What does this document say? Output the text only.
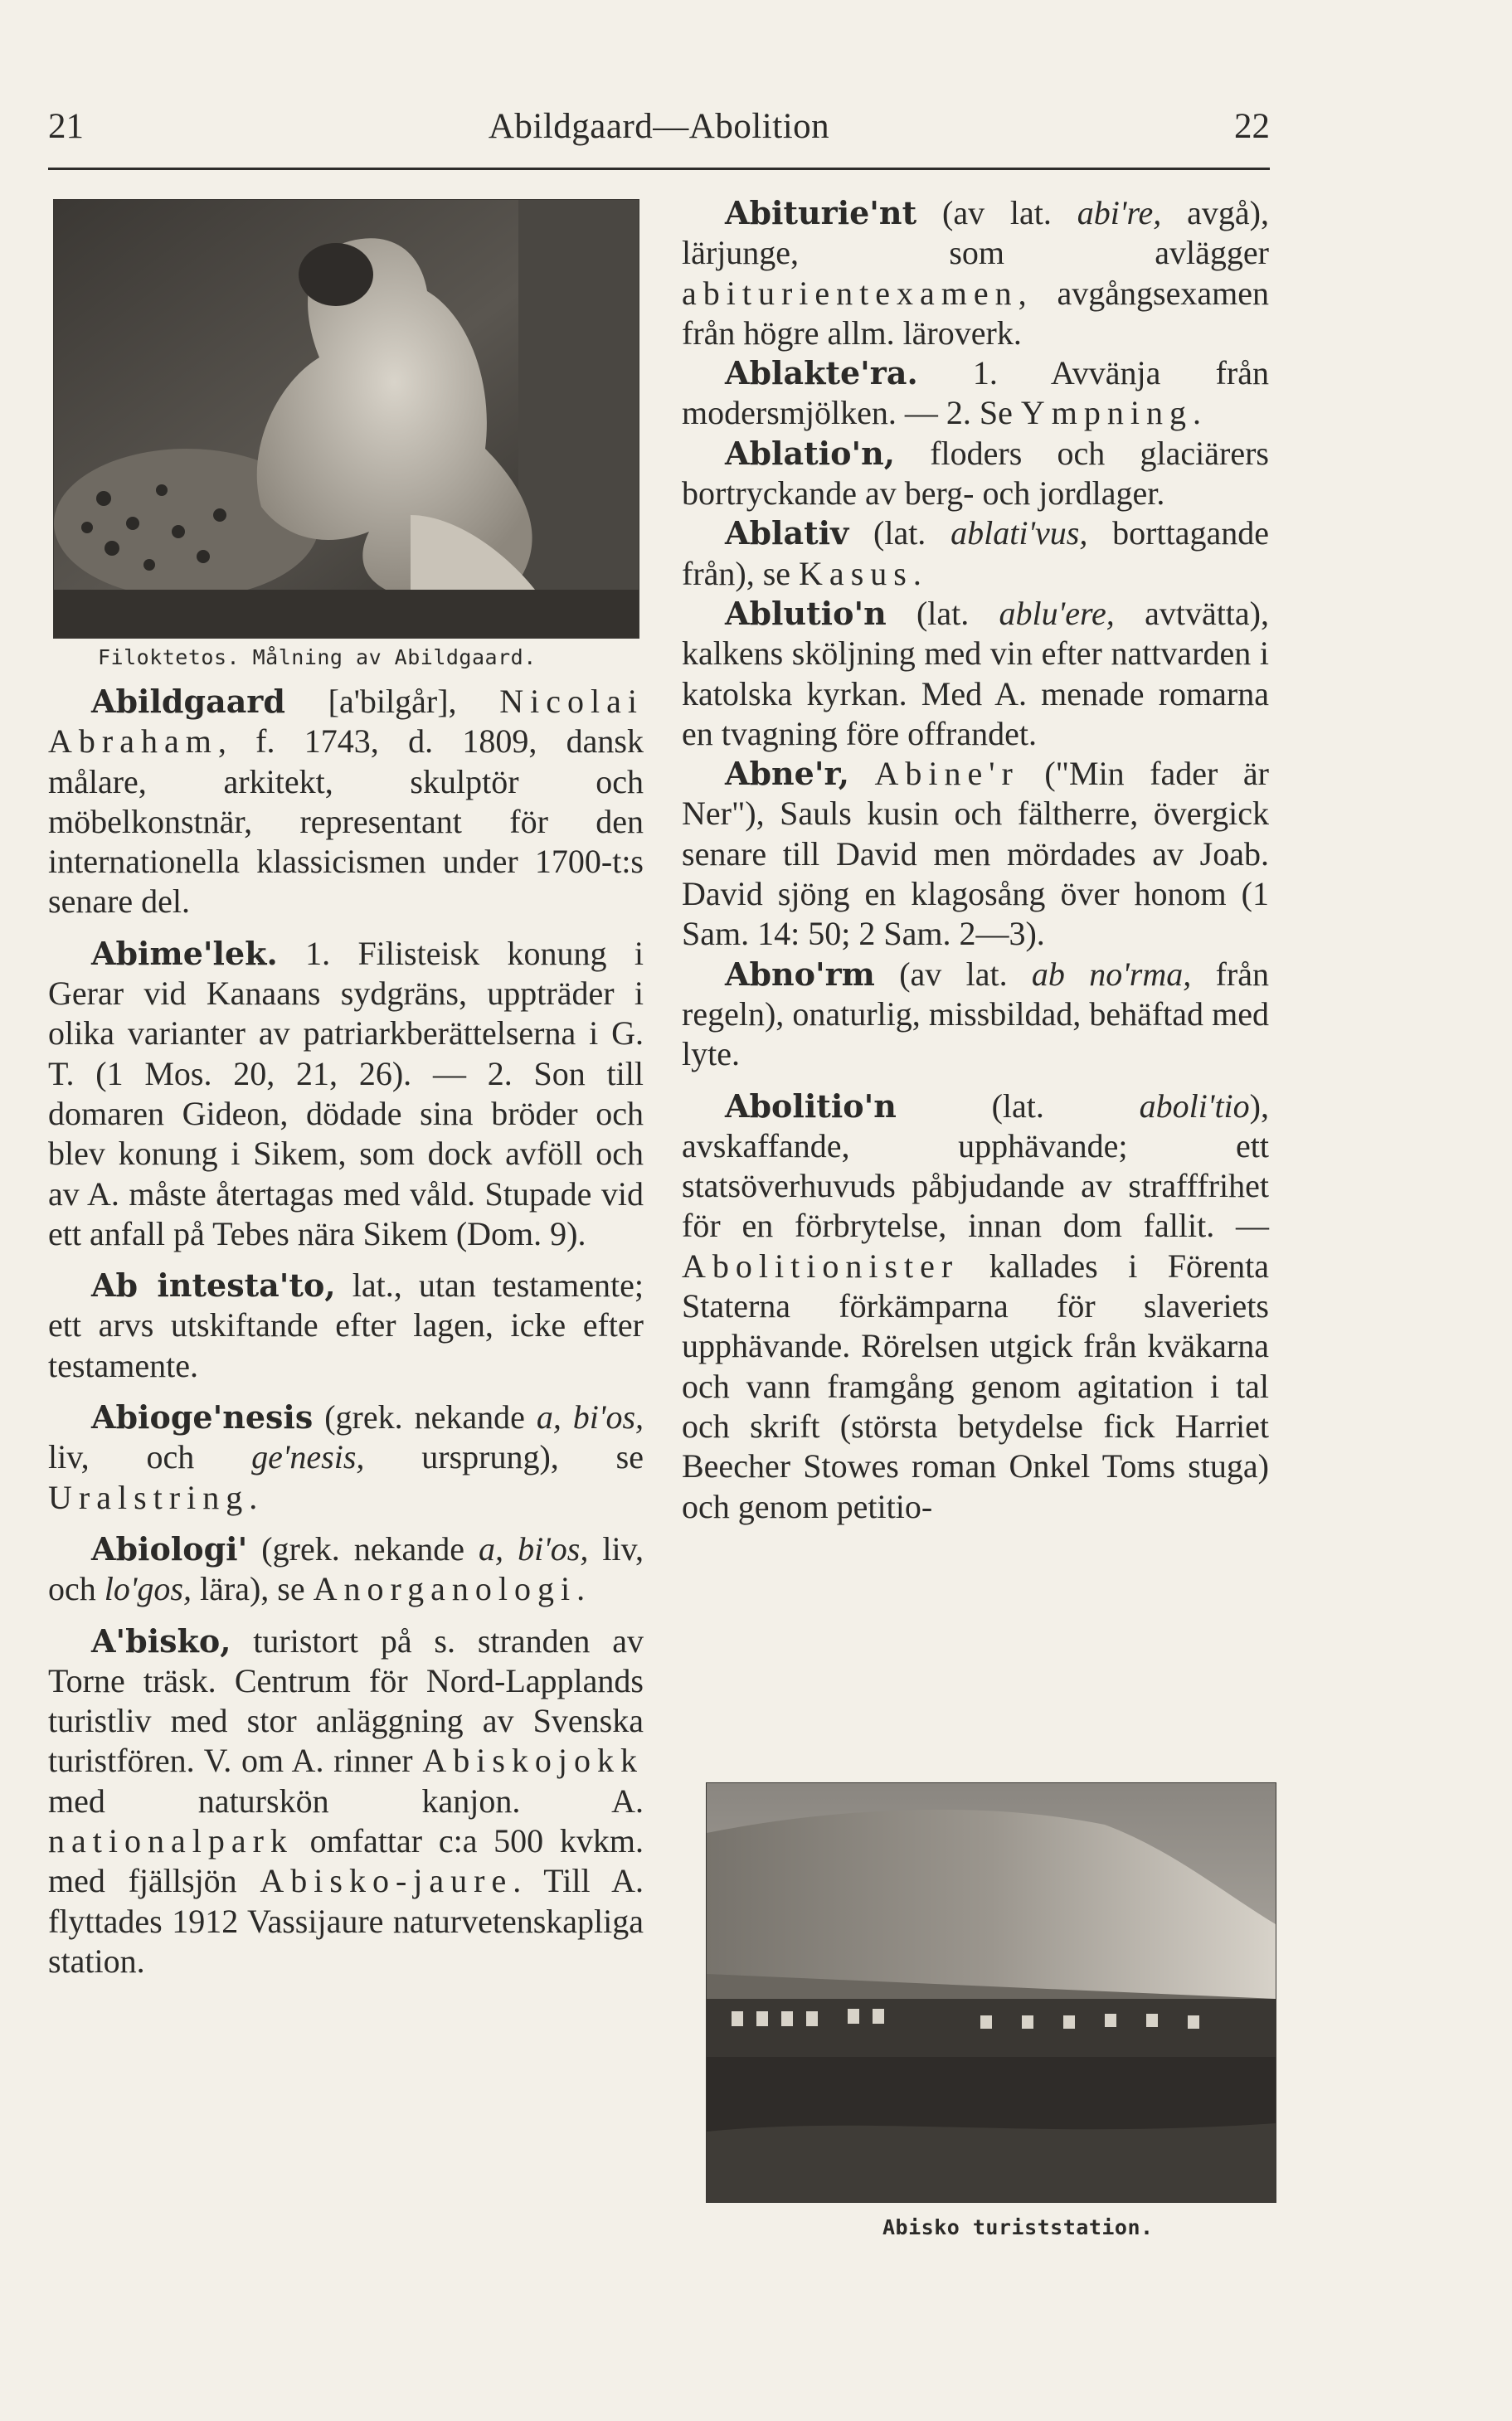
21	Abildgaard—Abolition	22
Filoktetos. Målning av Abildgaard.

Abildgaard [a'bilgår], Nicolai Abraham, f. 1743, d. 1809, dansk målare, arkitekt, skulptör och möbelkonstnär, representant för den internationella klassicismen under 1700-t:s senare del.

Abime'lek. 1. Filisteisk konung i Gerar vid Kanaans sydgräns, uppträder i olika varianter av patriarkberättelserna i G. T. (1 Mos. 20, 21, 26). — 2. Son till domaren Gideon, dödade sina bröder och blev konung i Sikem, som dock avföll och av A. måste återtagas med våld. Stupade vid ett anfall på Tebes nära Sikem (Dom. 9).

Ab intesta'to, lat., utan testamente; ett arvs utskiftande efter lagen, icke efter testamente.

Abioge'nesis (grek. nekande a, bi'os, liv, och ge'nesis, ursprung), se Uralstring.

Abiologi' (grek. nekande a, bi'os, liv, och lo'gos, lära), se Anorganologi.

A'bisko, turistort på s. stranden av Torne träsk. Centrum för Nord-Lapplands turistliv med stor anläggning av Svenska turistfören. V. om A. rinner Abiskojokk med naturskön kanjon. A. nationalpark omfattar c:a 500 kvkm. med fjällsjön Abisko-jaure. Till A. flyttades 1912 Vassijaure naturvetenskapliga station.

Abiturie'nt (av lat. abi're, avgå), lärjunge, som avlägger abiturientexamen, avgångsexamen från högre allm. läroverk.

Ablakte'ra. 1. Avvänja från modersmjölken. — 2. Se Ympning.

Ablatio'n, floders och glaciärers bortryckande av berg- och jordlager.

Ablativ (lat. ablati'vus, borttagande från), se Kasus.

Ablutio'n (lat. ablu'ere, avtvätta), kalkens sköljning med vin efter nattvarden i katolska kyrkan. Med A. menade romarna en tvagning före offrandet.

Abne'r, Abine'r ("Min fader är Ner"), Sauls kusin och fältherre, övergick senare till David men mördades av Joab. David sjöng en klagosång över honom (1 Sam. 14: 50; 2 Sam. 2—3).

Abno'rm (av lat. ab no'rma, från regeln), onaturlig, missbildad, behäftad med lyte.

Abolitio'n (lat. aboli'tio), avskaffande, upphävande; ett statsöverhuvuds påbjudande av strafffrihet för en förbrytelse, innan dom fallit. — Abolitionister kallades i Förenta Staterna förkämparna för slaveriets upphävande. Rörelsen utgick från kväkarna och vann framgång genom agitation i tal och skrift (största betydelse fick Harriet Beecher Stowes roman Onkel Toms stuga) och genom petitio-

Abisko turiststation.
